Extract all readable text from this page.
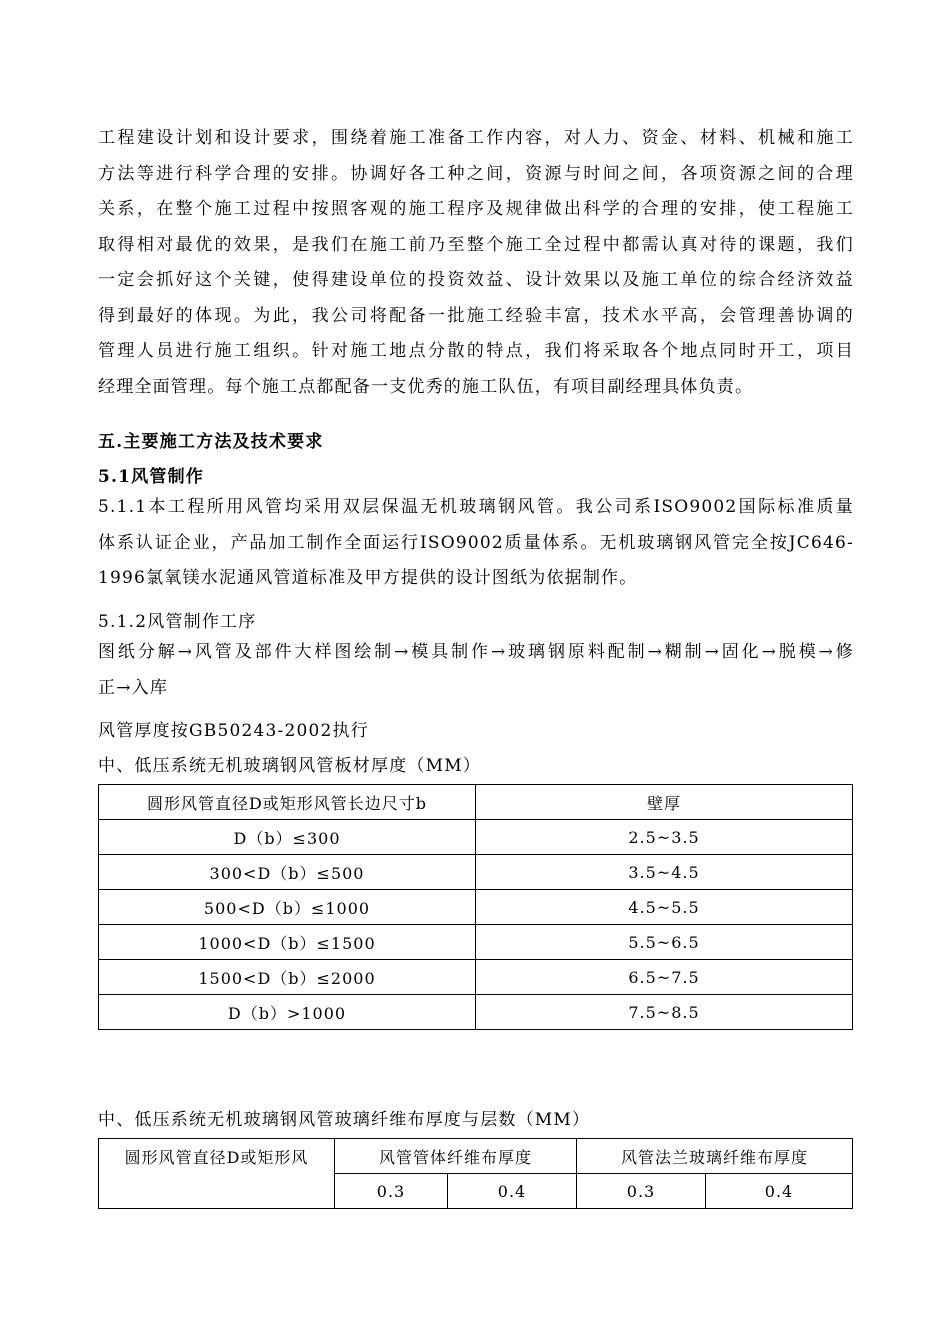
工程建设计划和设计要求，围绕着施工准备工作内容，对人力、资金、材料、机械和施工
方法等进行科学合理的安排。协调好各工种之间，资源与时间之间，各项资源之间的合理
关系，在整个施工过程中按照客观的施工程序及规律做出科学的合理的安排，使工程施工
取得相对最优的效果，是我们在施工前乃至整个施工全过程中都需认真对待的课题，我们
一定会抓好这个关键，使得建设单位的投资效益、设计效果以及施工单位的综合经济效益
得到最好的体现。为此，我公司将配备一批施工经验丰富，技术水平高，会管理善协调的
管理人员进行施工组织。针对施工地点分散的特点，我们将采取各个地点同时开工，项目
经理全面管理。每个施工点都配备一支优秀的施工队伍，有项目副经理具体负责。
五.主要施工方法及技术要求
5.1风管制作
5.1.1本工程所用风管均采用双层保温无机玻璃钢风管。我公司系ISO9002国际标准质量
体系认证企业，产品加工制作全面运行ISO9002质量体系。无机玻璃钢风管完全按JC646-
1996氯氧镁水泥通风管道标准及甲方提供的设计图纸为依据制作。
5.1.2风管制作工序
图纸分解→风管及部件大样图绘制→模具制作→玻璃钢原料配制→糊制→固化→脱模→修
正→入库
风管厚度按GB50243-2002执行
中、低压系统无机玻璃钢风管板材厚度（MM）
圆形风管直径D或矩形风管长边尺寸b	壁厚
D（b）≤300	2.5~3.5
300<D（b）≤500	3.5~4.5
500<D（b）≤1000	4.5~5.5
1000<D（b）≤1500	5.5~6.5
1500<D（b）≤2000	6.5~7.5
D（b）>1000	7.5~8.5
中、低压系统无机玻璃钢风管玻璃纤维布厚度与层数（MM）
圆形风管直径D或矩形风	风管管体纤维布厚度		风管法兰玻璃纤维布厚度	
	0.3	0.4	0.3	0.4
